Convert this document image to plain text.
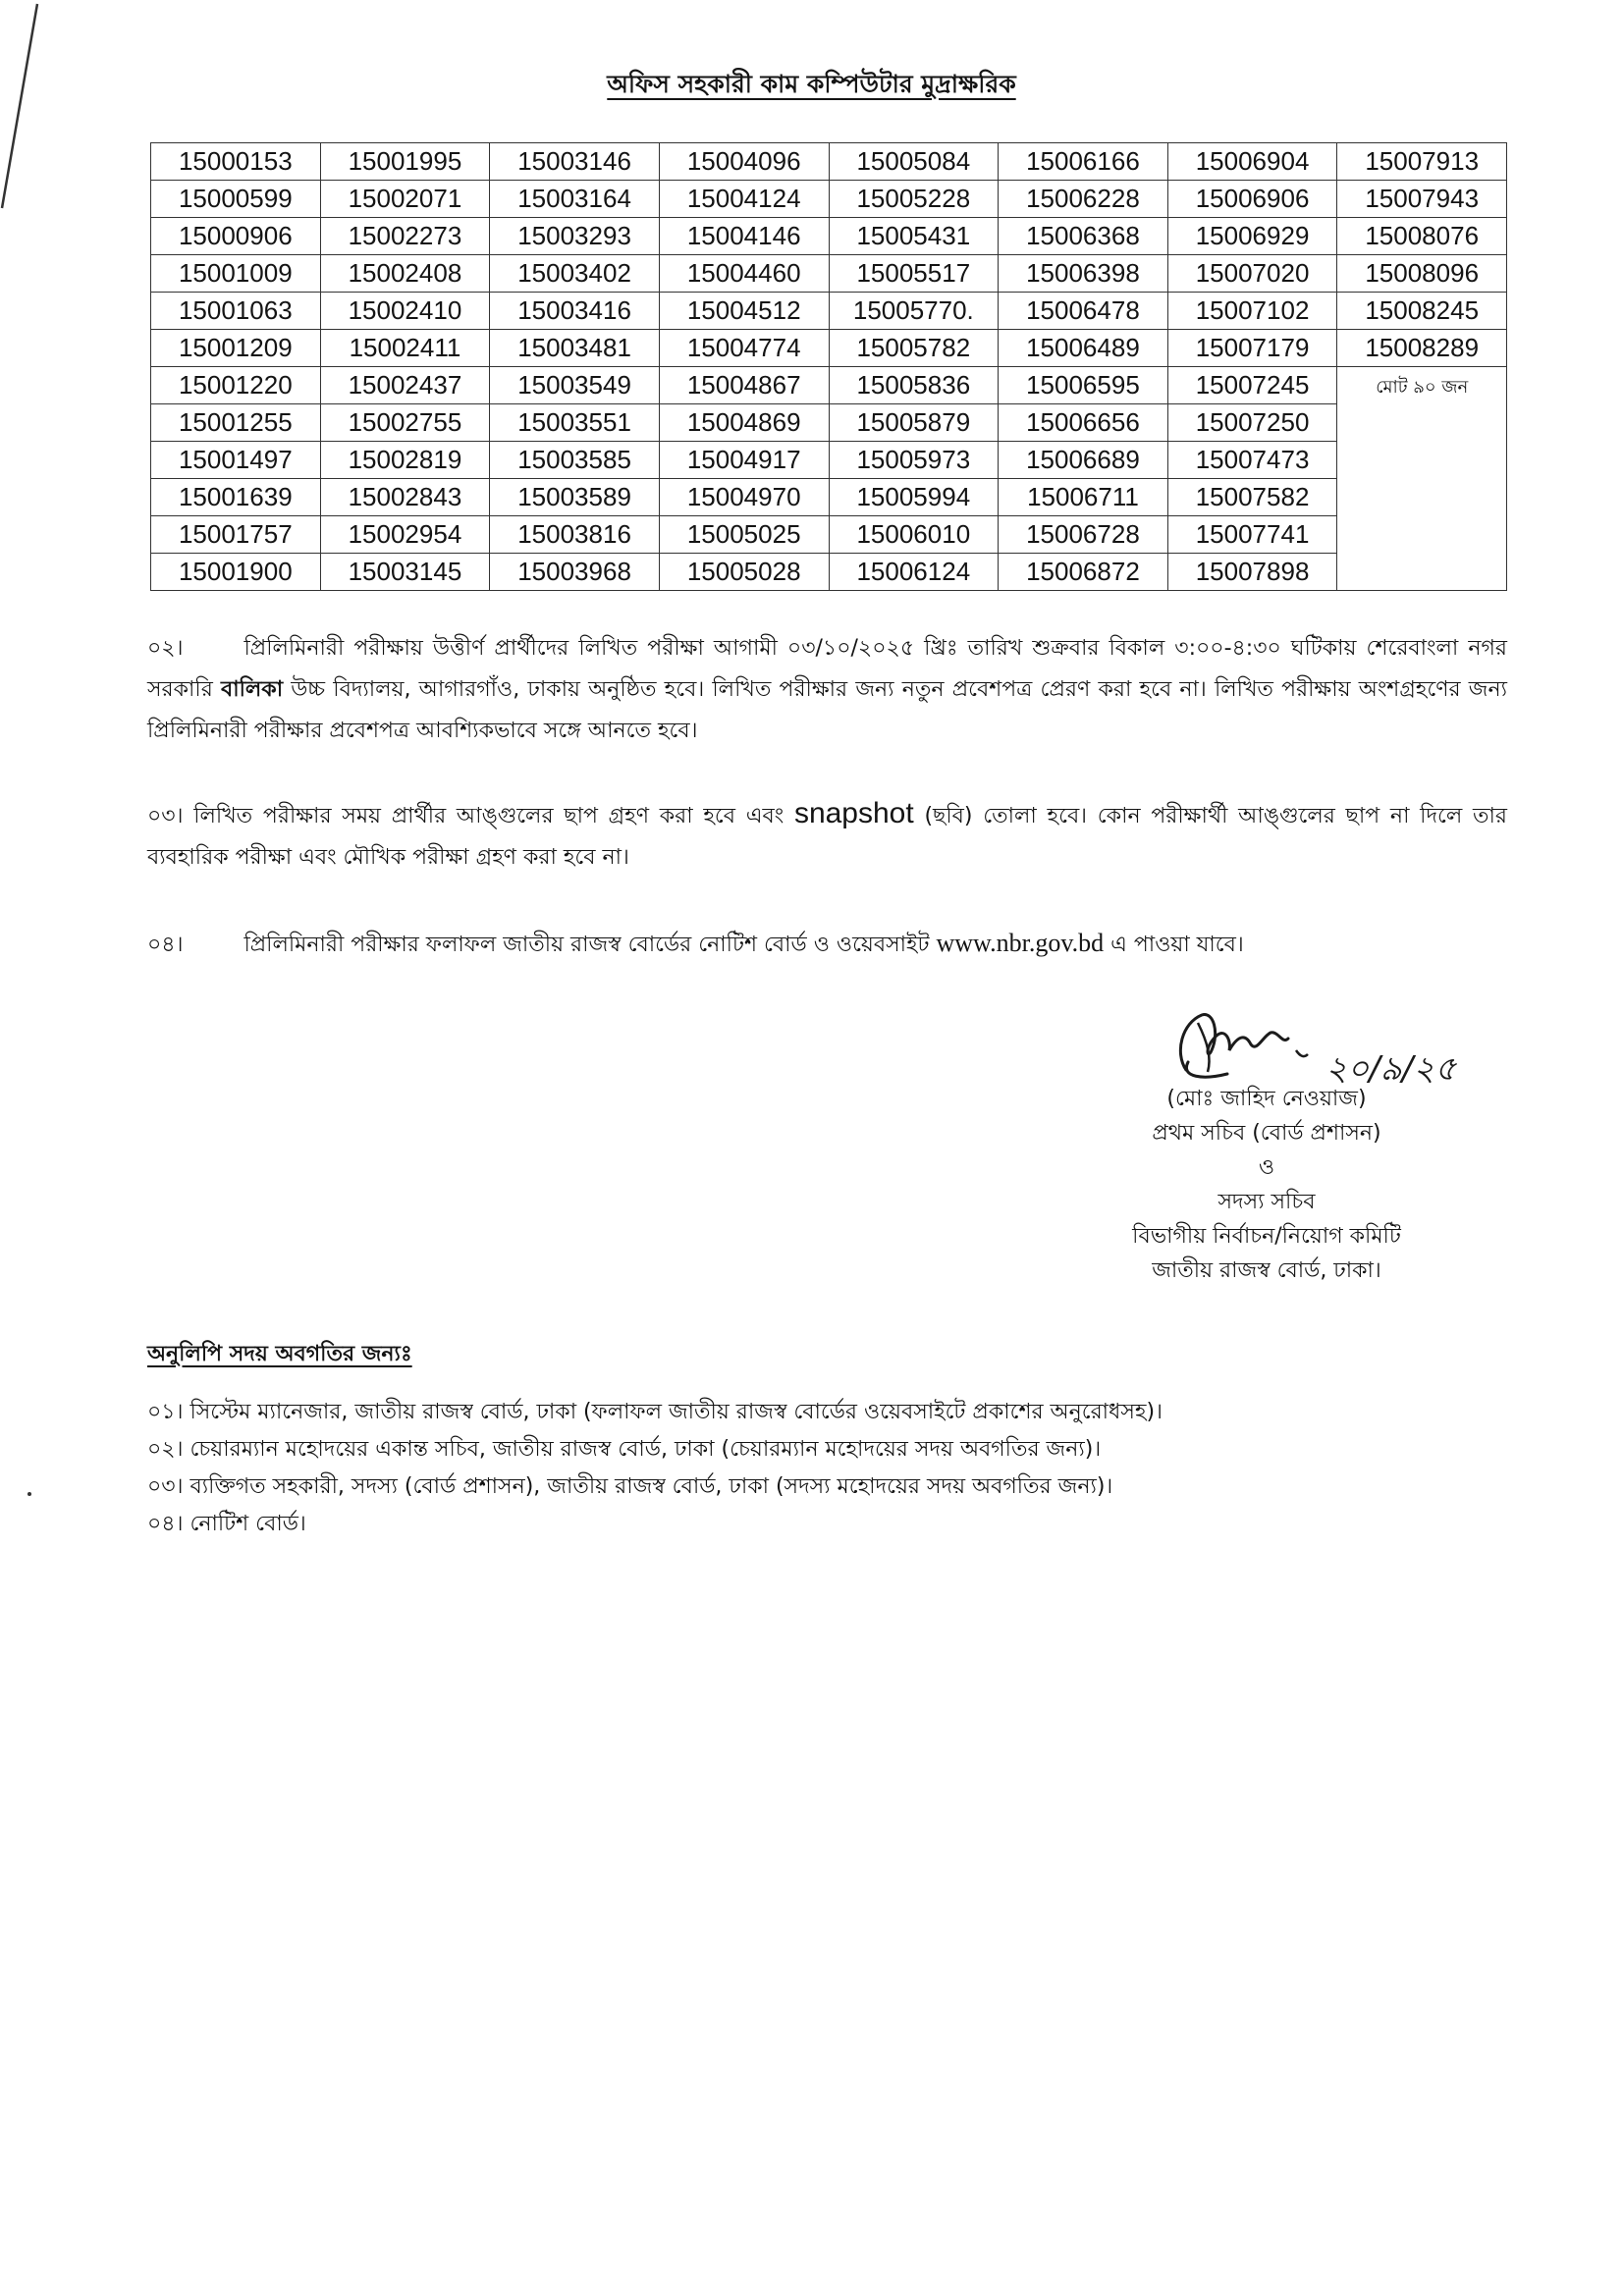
অফিস সহকারী কাম কম্পিউটার মুদ্রাক্ষরিক
15000153	15001995	15003146	15004096	15005084	15006166	15006904	15007913
15000599	15002071	15003164	15004124	15005228	15006228	15006906	15007943
15000906	15002273	15003293	15004146	15005431	15006368	15006929	15008076
15001009	15002408	15003402	15004460	15005517	15006398	15007020	15008096
15001063	15002410	15003416	15004512	15005770.	15006478	15007102	15008245
15001209	15002411	15003481	15004774	15005782	15006489	15007179	15008289
15001220	15002437	15003549	15004867	15005836	15006595	15007245	মোট ৯০ জন
15001255	15002755	15003551	15004869	15005879	15006656	15007250	
15001497	15002819	15003585	15004917	15005973	15006689	15007473	
15001639	15002843	15003589	15004970	15005994	15006711	15007582	
15001757	15002954	15003816	15005025	15006010	15006728	15007741	
15001900	15003145	15003968	15005028	15006124	15006872	15007898	
০২।	প্রিলিমিনারী পরীক্ষায় উত্তীর্ণ প্রার্থীদের লিখিত পরীক্ষা আগামী ০৩/১০/২০২৫ খ্রিঃ তারিখ শুক্রবার বিকাল ৩:০০-৪:৩০ ঘটিকায় শেরেবাংলা নগর সরকারি বালিকা উচ্চ বিদ্যালয়, আগারগাঁও, ঢাকায় অনুষ্ঠিত হবে। লিখিত পরীক্ষার জন্য নতুন প্রবেশপত্র প্রেরণ করা হবে না। লিখিত পরীক্ষায় অংশগ্রহণের জন্য প্রিলিমিনারী পরীক্ষার প্রবেশপত্র আবশ্যিকভাবে সঙ্গে আনতে হবে।
০৩। লিখিত পরীক্ষার সময় প্রার্থীর আঙ্গুলের ছাপ গ্রহণ করা হবে এবং snapshot (ছবি) তোলা হবে। কোন পরীক্ষার্থী আঙ্গুলের ছাপ না দিলে তার ব্যবহারিক পরীক্ষা এবং মৌখিক পরীক্ষা গ্রহণ করা হবে না।
০৪।	প্রিলিমিনারী পরীক্ষার ফলাফল জাতীয় রাজস্ব বোর্ডের নোটিশ বোর্ড ও ওয়েবসাইট www.nbr.gov.bd এ পাওয়া যাবে।
২০/৯/২৫
(মোঃ জাহিদ নেওয়াজ)
প্রথম সচিব (বোর্ড প্রশাসন)
ও
সদস্য সচিব
বিভাগীয় নির্বাচন/নিয়োগ কমিটি
জাতীয় রাজস্ব বোর্ড, ঢাকা।
অনুলিপি সদয় অবগতির জন্যঃ
০১। সিস্টেম ম্যানেজার, জাতীয় রাজস্ব বোর্ড, ঢাকা (ফলাফল জাতীয় রাজস্ব বোর্ডের ওয়েবসাইটে প্রকাশের অনুরোধসহ)।
০২। চেয়ারম্যান মহোদয়ের একান্ত সচিব, জাতীয় রাজস্ব বোর্ড, ঢাকা (চেয়ারম্যান মহোদয়ের সদয় অবগতির জন্য)।
০৩। ব্যক্তিগত সহকারী, সদস্য (বোর্ড প্রশাসন), জাতীয় রাজস্ব বোর্ড, ঢাকা (সদস্য মহোদয়ের সদয় অবগতির জন্য)।
০৪। নোটিশ বোর্ড।
